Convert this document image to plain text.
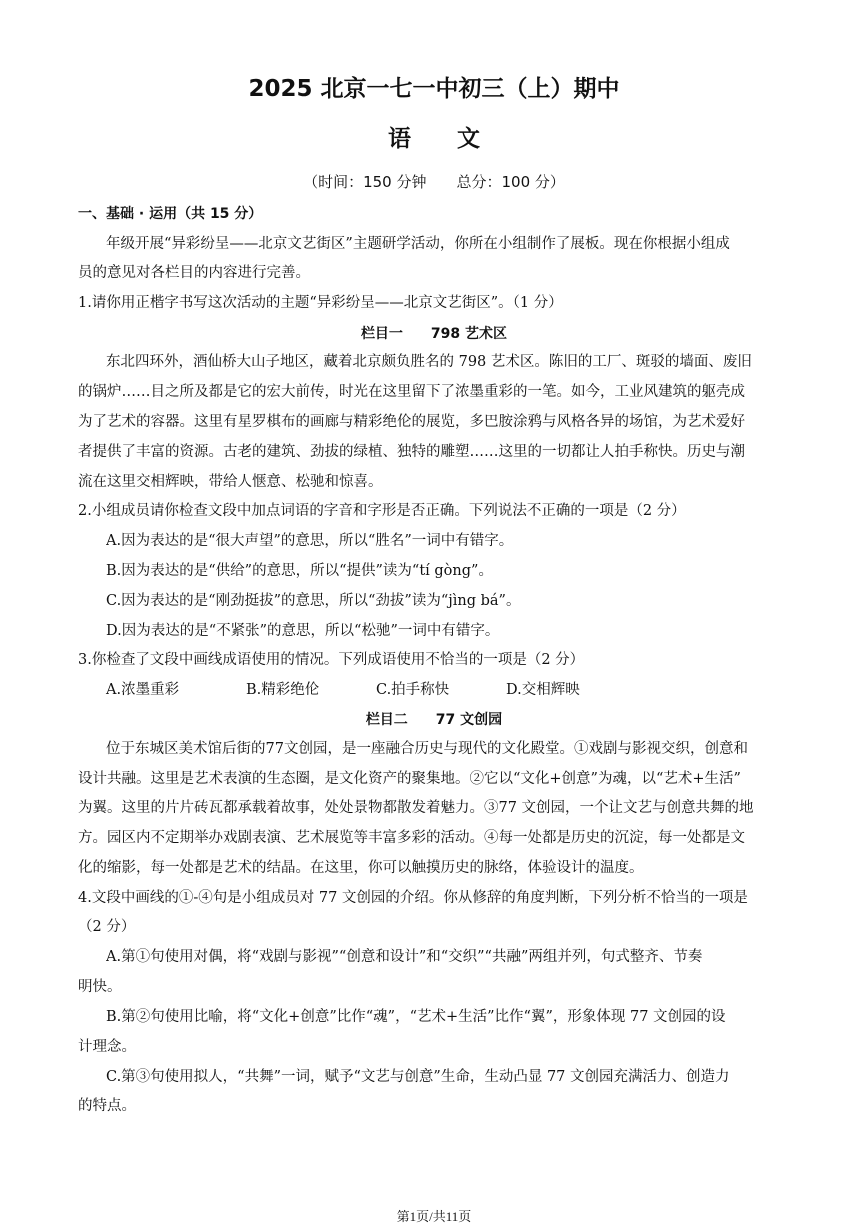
2025 北京一七一中初三（上）期中
语　　文
（时间：150 分钟　　总分：100 分）
一、基础 · 运用（共 15 分）
年级开展“异彩纷呈——北京文艺街区”主题研学活动，你所在小组制作了展板。现在你根据小组成
员的意见对各栏目的内容进行完善。
1.请你用正楷字书写这次活动的主题“异彩纷呈——北京文艺街区”。（1 分）
栏目一　　798 艺术区
东北四环外，酒仙桥大山子地区，藏着北京颇负胜名的 798 艺术区。陈旧的工厂、斑驳的墙面、废旧
的锅炉……目之所及都是它的宏大前传，时光在这里留下了浓墨重彩的一笔。如今，工业风建筑的躯壳成
为了艺术的容器。这里有星罗棋布的画廊与精彩绝伦的展览，多巴胺涂鸦与风格各异的场馆，为艺术爱好
者提供了丰富的资源。古老的建筑、劲拔的绿植、独特的雕塑……这里的一切都让人拍手称快。历史与潮
流在这里交相辉映，带给人惬意、松驰和惊喜。
2.小组成员请你检查文段中加点词语的字音和字形是否正确。下列说法不正确的一项是（2 分）
A.因为表达的是“很大声望”的意思，所以“胜名”一词中有错字。
B.因为表达的是“供给”的意思，所以“提供”读为“tí gòng”。
C.因为表达的是“刚劲挺拔”的意思，所以“劲拔”读为“jìng bá”。
D.因为表达的是“不紧张”的意思，所以“松驰”一词中有错字。
3.你检查了文段中画线成语使用的情况。下列成语使用不恰当的一项是（2 分）
A.浓墨重彩	B.精彩绝伦	C.拍手称快	D.交相辉映
栏目二　　77 文创园
位于东城区美术馆后街的77文创园，是一座融合历史与现代的文化殿堂。①戏剧与影视交织，创意和
设计共融。这里是艺术表演的生态圈，是文化资产的聚集地。②它以“文化+创意”为魂，以“艺术+生活”
为翼。这里的片片砖瓦都承载着故事，处处景物都散发着魅力。③77 文创园，一个让文艺与创意共舞的地
方。园区内不定期举办戏剧表演、艺术展览等丰富多彩的活动。④每一处都是历史的沉淀，每一处都是文
化的缩影，每一处都是艺术的结晶。在这里，你可以触摸历史的脉络，体验设计的温度。
4.文段中画线的①-④句是小组成员对 77 文创园的介绍。你从修辞的角度判断，下列分析不恰当的一项是
（2 分）
A.第①句使用对偶，将“戏剧与影视”“创意和设计”和“交织”“共融”两组并列，句式整齐、节奏
明快。
B.第②句使用比喻，将“文化+创意”比作“魂”，“艺术+生活”比作“翼”，形象体现 77 文创园的设
计理念。
C.第③句使用拟人，“共舞”一词，赋予“文艺与创意”生命，生动凸显 77 文创园充满活力、创造力
的特点。
第1页/共11页
